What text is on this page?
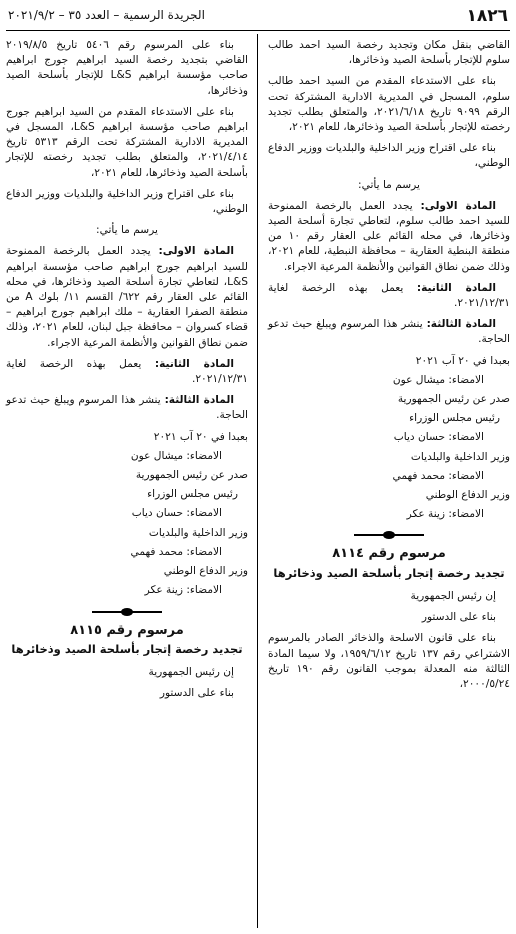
١٨٢٦
الجريدة الرسمية – العدد ٣٥ – ٢٠٢١/٩/٢

القاضي بنقل مكان وتجديد رخصة السيد احمد طالب سلوم للإتجار بأسلحة الصيد وذخائرها،

بناء على الاستدعاء المقدم من السيد احمد طالب سلوم، المسجل في المديرية الادارية المشتركة تحت الرقم ٩٠٩٩ تاريخ ٢٠٢١/٦/١٨، والمتعلق بطلب تجديد رخصته للإتجار بأسلحة الصيد وذخائرها، للعام ٢٠٢١،

بناء على اقتراح وزير الداخلية والبلديات ووزير الدفاع الوطني،

يرسم ما يأتي:

المادة الاولى: يجدد العمل بالرخصة الممنوحة للسيد احمد طالب سلوم، لتعاطي تجارة أسلحة الصيد وذخائرها، في محله القائم على العقار رقم ١٠ من منطقة البنطية العقارية – محافظة النبطية، للعام ٢٠٢١، وذلك ضمن نطاق القوانين والأنظمة المرعية الاجراء.

المادة الثانية: يعمل بهذه الرخصة لغاية ٢٠٢١/١٢/٣١.

المادة الثالثة: ينشر هذا المرسوم ويبلغ حيث تدعو الحاجة.

بعبدا في ٢٠ آب ٢٠٢١

الامضاء: ميشال عون

صدر عن رئيس الجمهورية

رئيس مجلس الوزراء

الامضاء: حسان دياب

وزير الداخلية والبلديات

الامضاء: محمد فهمي

وزير الدفاع الوطني

الامضاء: زينة عكر

مرسوم رقم ٨١١٤

تجديد رخصة إتجار بأسلحة الصيد وذخائرها

إن رئيس الجمهورية

بناء على الدستور

بناء على قانون الاسلحة والذخائر الصادر بالمرسوم الاشتراعي رقم ١٣٧ تاريخ ١٩٥٩/٦/١٢، ولا سيما المادة الثالثة منه المعدلة بموجب القانون رقم ١٩٠ تاريخ ٢٠٠٠/٥/٢٤،

بناء على المرسوم رقم ٥٤٠٦ تاريخ ٢٠١٩/٨/٥ القاضي بتجديد رخصة السيد ابراهيم جورج ابراهيم صاحب مؤسسة ابراهيم L&S للإتجار بأسلحة الصيد وذخائرها،

بناء على الاستدعاء المقدم من السيد ابراهيم جورج ابراهيم صاحب مؤسسة ابراهيم L&S، المسجل في المديرية الادارية المشتركة تحت الرقم ٥٣١٣ تاريخ ٢٠٢١/٤/١٤، والمتعلق بطلب تجديد رخصته للإتجار بأسلحة الصيد وذخائرها، للعام ٢٠٢١،

بناء على اقتراح وزير الداخلية والبلديات ووزير الدفاع الوطني،

يرسم ما يأتي:

المادة الاولى: يجدد العمل بالرخصة الممنوحة للسيد ابراهيم جورج ابراهيم صاحب مؤسسة ابراهيم L&S، لتعاطي تجارة أسلحة الصيد وذخائرها، في محله القائم على العقار رقم ٦٢٢/ القسم ١١/ بلوك A من منطقة الصفرا العقارية – ملك ابراهيم جورج ابراهيم – قضاء كسروان – محافظة جبل لبنان، للعام ٢٠٢١، وذلك ضمن نطاق القوانين والأنظمة المرعية الاجراء.

المادة الثانية: يعمل بهذه الرخصة لغاية ٢٠٢١/١٢/٣١.

المادة الثالثة: ينشر هذا المرسوم ويبلغ حيث تدعو الحاجة.

بعبدا في ٢٠ آب ٢٠٢١

الامضاء: ميشال عون

صدر عن رئيس الجمهورية

رئيس مجلس الوزراء

الامضاء: حسان دياب

وزير الداخلية والبلديات

الامضاء: محمد فهمي

وزير الدفاع الوطني

الامضاء: زينة عكر

مرسوم رقم ٨١١٥

تجديد رخصة إتجار بأسلحة الصيد وذخائرها

إن رئيس الجمهورية

بناء على الدستور
